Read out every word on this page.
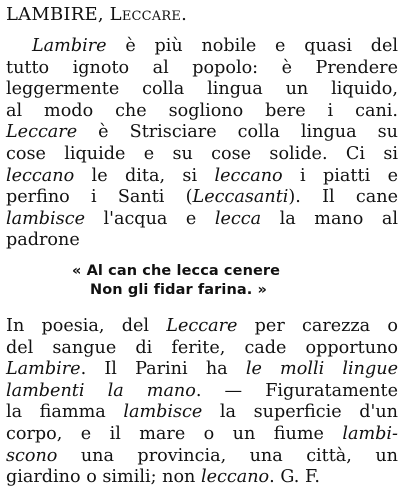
LAMBIRE, Leccare.
Lambire è più nobile e quasi del
tutto ignoto al popolo: è Prendere
leggermente colla lingua un liquido,
al modo che sogliono bere i cani.
Leccare è Strisciare colla lingua su
cose liquide e su cose solide. Ci si
leccano le dita, si leccano i piatti e
perfino i Santi (Leccasanti). Il cane
lambisce l'acqua e lecca la mano al
padrone
« Al can che lecca cenere
Non gli fidar farina. »
In poesia, del Leccare per carezza o
del sangue di ferite, cade opportuno
Lambire. Il Parini ha le molli lingue
lambenti la mano. — Figuratamente
la fiamma lambisce la superficie d'un
corpo, e il mare o un fiume lambi-
scono una provincia, una città, un
giardino o simili; non leccano. G. F.
